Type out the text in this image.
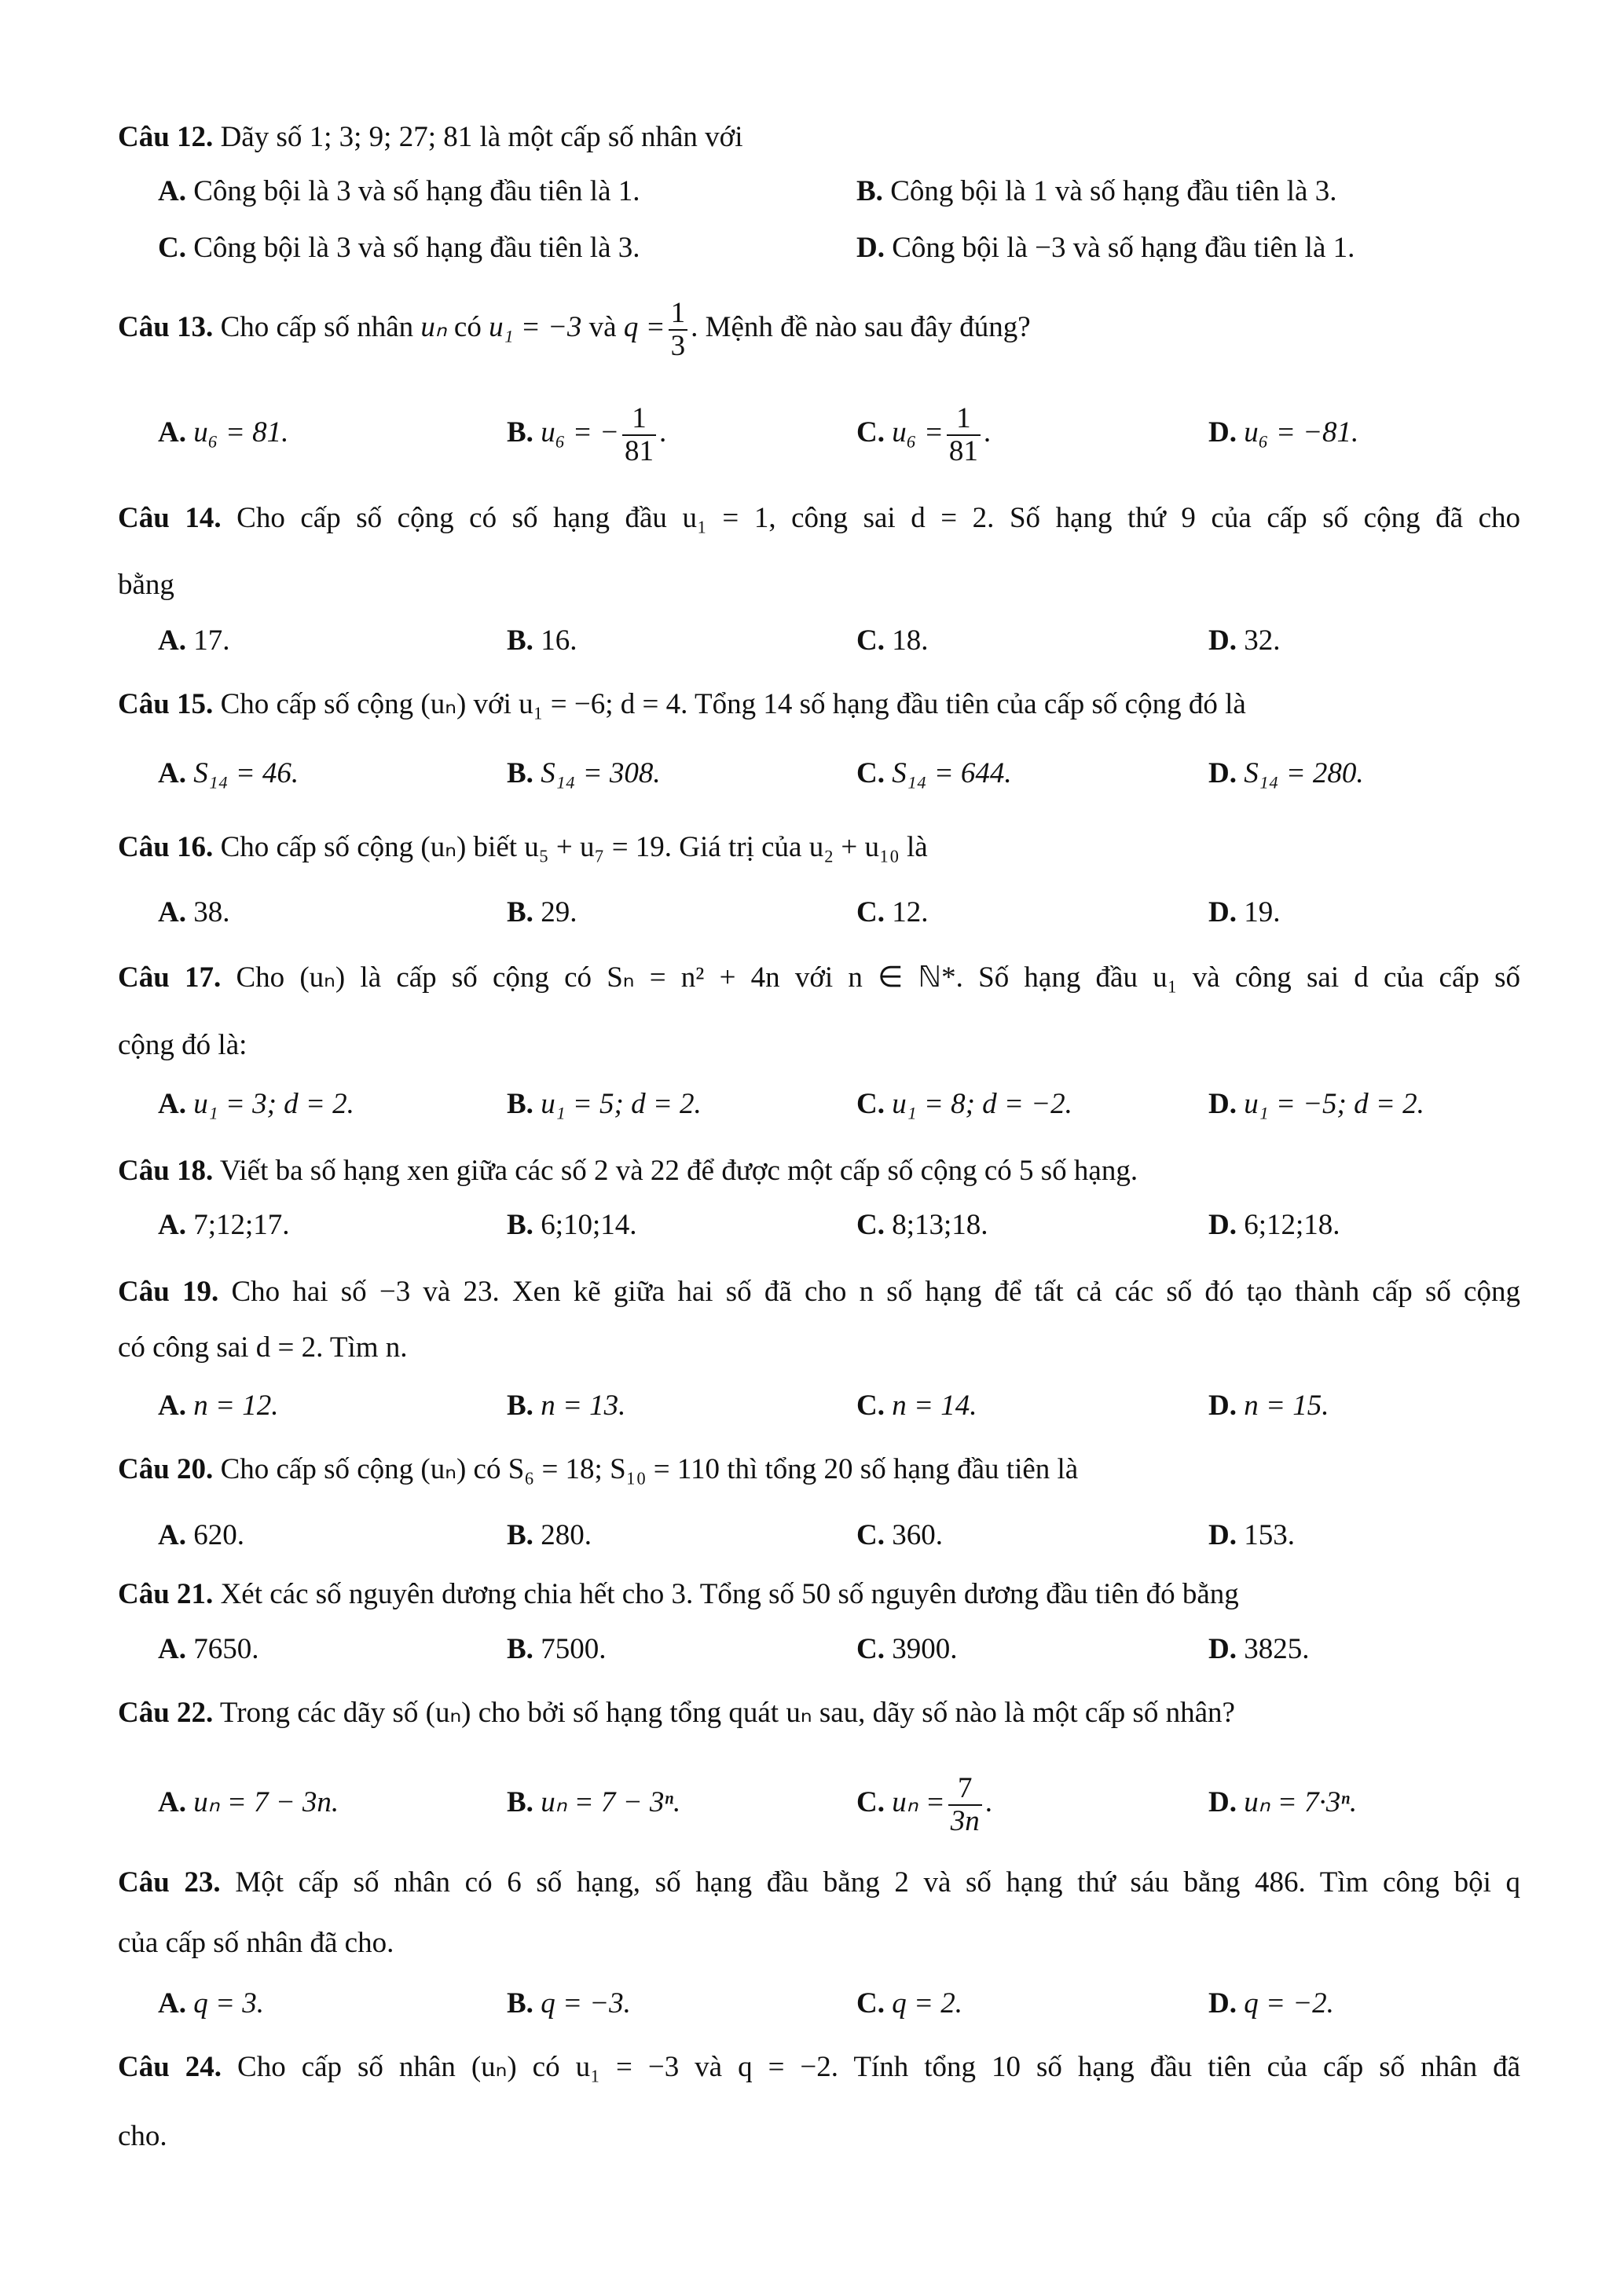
Câu 12. Dãy số 1; 3; 9; 27; 81 là một cấp số nhân với
A. Công bội là 3 và số hạng đầu tiên là 1.	B. Công bội là 1 và số hạng đầu tiên là 3.
C. Công bội là 3 và số hạng đầu tiên là 3.	D. Công bội là −3 và số hạng đầu tiên là 1.
Câu 13. Cho cấp số nhân uₙ có u₁ = −3 và $q = \frac{1}{3}$ . Mệnh đề nào sau đây đúng?
A. u₆ = 81.	B. u₆ = − $\frac{1}{81}$ .	C. $u_6 = \frac{1}{81}$ .	D. u₆ = −81.
Câu 14. Cho cấp số cộng có số hạng đầu u₁ = 1, công sai d = 2. Số hạng thứ 9 của cấp số cộng đã cho
bằng
A. 17.	B. 16.	C. 18.	D. 32.
Câu 15. Cho cấp số cộng (uₙ) với u₁ = −6; d = 4. Tổng 14 số hạng đầu tiên của cấp số cộng đó là
A. S₁₄ = 46.	B. S₁₄ = 308.	C. S₁₄ = 644.	D. S₁₄ = 280.
Câu 16. Cho cấp số cộng (uₙ) biết u₅ + u₇ = 19. Giá trị của u₂ + u₁₀ là
A. 38.	B. 29.	C. 12.	D. 19.
Câu 17. Cho (uₙ) là cấp số cộng có Sₙ = n² + 4n với n ∈ ℕ*. Số hạng đầu u₁ và công sai d của cấp số
cộng đó là:
A. u₁ = 3; d = 2.	B. u₁ = 5; d = 2.	C. u₁ = 8; d = −2.	D. u₁ = −5; d = 2.
Câu 18. Viết ba số hạng xen giữa các số 2 và 22 để được một cấp số cộng có 5 số hạng.
A. 7;12;17.	B. 6;10;14.	C. 8;13;18.	D. 6;12;18.
Câu 19. Cho hai số −3 và 23. Xen kẽ giữa hai số đã cho n số hạng để tất cả các số đó tạo thành cấp số cộng
có công sai d = 2. Tìm n.
A. n = 12.	B. n = 13.	C. n = 14.	D. n = 15.
Câu 20. Cho cấp số cộng (uₙ) có S₆ = 18; S₁₀ = 110 thì tổng 20 số hạng đầu tiên là
A. 620.	B. 280.	C. 360.	D. 153.
Câu 21. Xét các số nguyên dương chia hết cho 3. Tổng số 50 số nguyên dương đầu tiên đó bằng
A. 7650.	B. 7500.	C. 3900.	D. 3825.
Câu 22. Trong các dãy số (uₙ) cho bởi số hạng tổng quát uₙ sau, dãy số nào là một cấp số nhân?
A. uₙ = 7 − 3n.	B. uₙ = 7 − 3ⁿ.	C. $u_n = \frac{7}{3n}$ .	D. uₙ = 7·3ⁿ.
Câu 23. Một cấp số nhân có 6 số hạng, số hạng đầu bằng 2 và số hạng thứ sáu bằng 486. Tìm công bội q
của cấp số nhân đã cho.
A. q = 3.	B. q = −3.	C. q = 2.	D. q = −2.
Câu 24. Cho cấp số nhân (uₙ) có u₁ = −3 và q = −2. Tính tổng 10 số hạng đầu tiên của cấp số nhân đã
cho.
